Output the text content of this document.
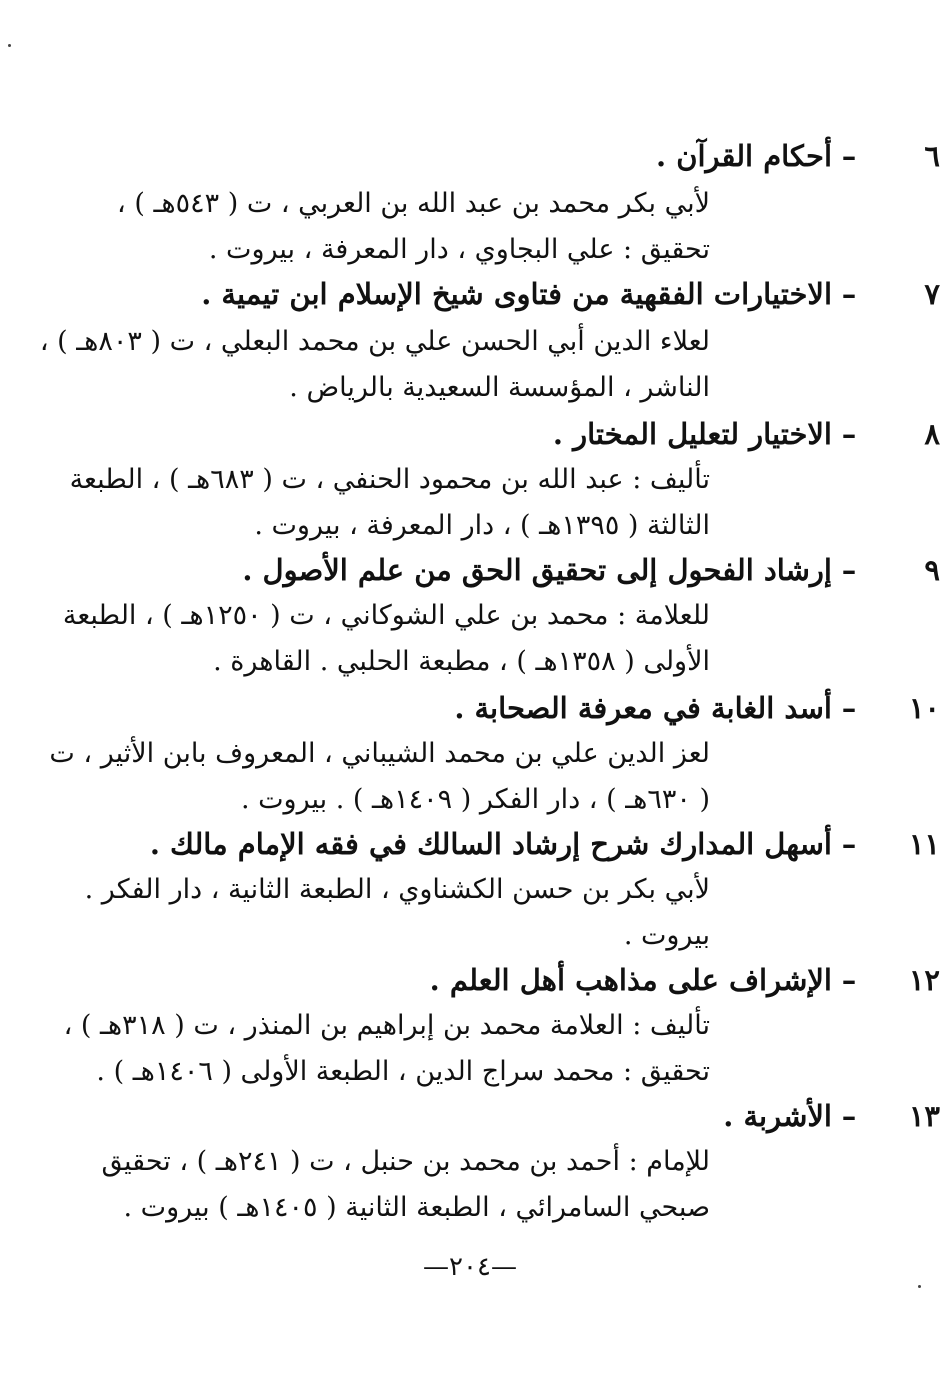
٦–أحكام القرآن .
لأبي بكر محمد بن عبد الله بن العربي ، ت ( ٥٤٣هـ ) ،
تحقيق : علي البجاوي ، دار المعرفة ، بيروت .
٧–الاختيارات الفقهية من فتاوى شيخ الإسلام ابن تيمية .
لعلاء الدين أبي الحسن علي بن محمد البعلي ، ت ( ٨٠٣هـ ) ،
الناشر ، المؤسسة السعيدية بالرياض .
٨–الاختيار لتعليل المختار .
تأليف : عبد الله بن محمود الحنفي ، ت ( ٦٨٣هـ ) ، الطبعة
الثالثة ( ١٣٩٥هـ ) ، دار المعرفة ، بيروت .
٩–إرشاد الفحول إلى تحقيق الحق من علم الأصول .
للعلامة : محمد بن علي الشوكاني ، ت ( ١٢٥٠هـ ) ، الطبعة
الأولى ( ١٣٥٨هـ ) ، مطبعة الحلبي . القاهرة .
١٠–أسد الغابة في معرفة الصحابة .
لعز الدين علي بن محمد الشيباني ، المعروف بابن الأثير ، ت
( ٦٣٠هـ ) ، دار الفكر ( ١٤٠٩هـ ) . بيروت .
١١–أسهل المدارك شرح إرشاد السالك في فقه الإمام مالك .
لأبي بكر بن حسن الكشناوي ، الطبعة الثانية ، دار الفكر .
بيروت .
١٢–الإشراف على مذاهب أهل العلم .
تأليف : العلامة محمد بن إبراهيم بن المنذر ، ت ( ٣١٨هـ ) ،
تحقيق : محمد سراج الدين ، الطبعة الأولى ( ١٤٠٦هـ ) .
١٣–الأشربة .
للإمام : أحمد بن محمد بن حنبل ، ت ( ٢٤١هـ ) ، تحقيق
صبحي السامرائي ، الطبعة الثانية ( ١٤٠٥هـ ) بيروت .
—٢٠٤—
